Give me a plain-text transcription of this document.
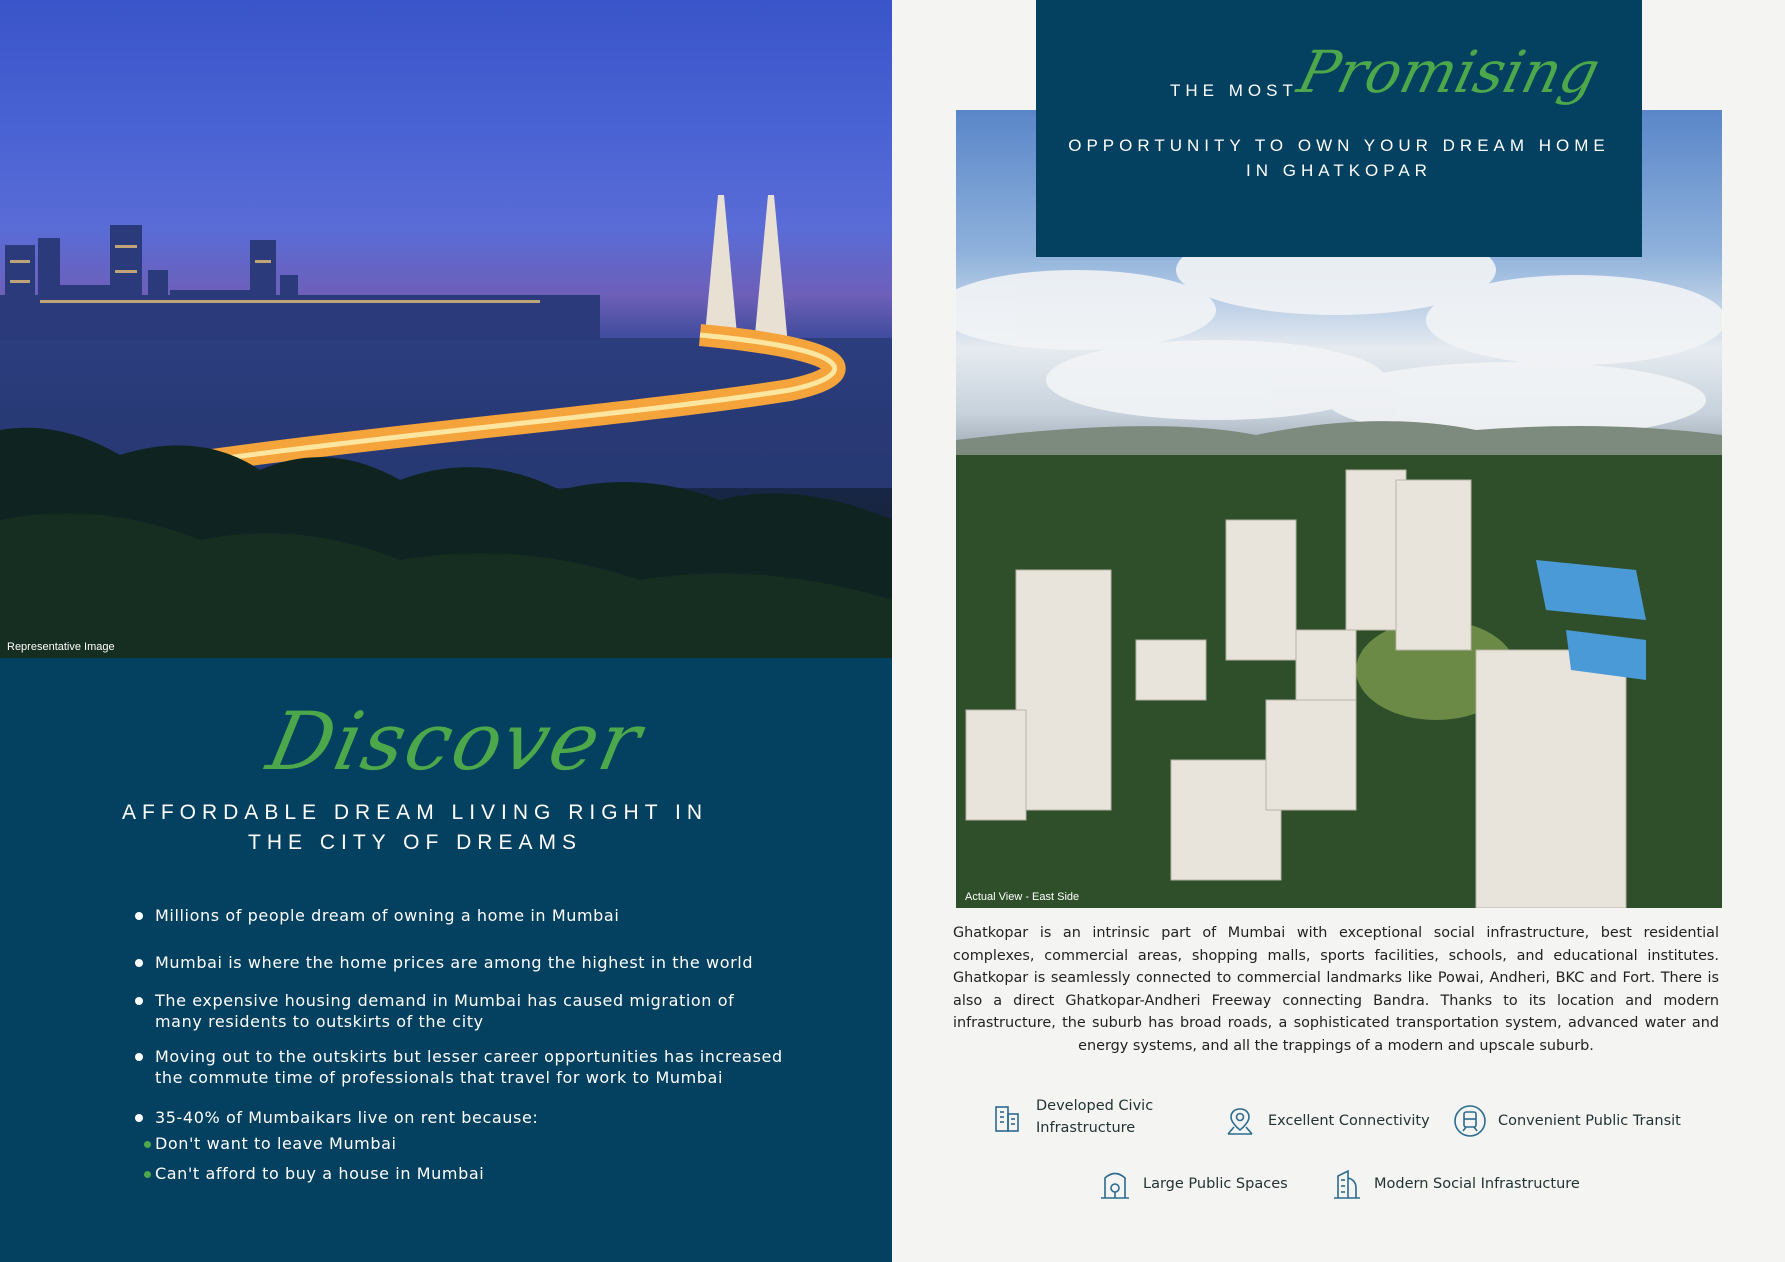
Representative Image
Discover
AFFORDABLE DREAM LIVING RIGHT IN
THE CITY OF DREAMS
Millions of people dream of owning a home in Mumbai
Mumbai is where the home prices are among the highest in the world
The expensive housing demand in Mumbai has caused migration of many residents to outskirts of the city
Moving out to the outskirts but lesser career opportunities has increased the commute time of professionals that travel for work to Mumbai
35-40% of Mumbaikars live on rent because:
Don't want to leave Mumbai
Can't afford to buy a house in Mumbai
Actual View - East Side
THE MOST
Promising
OPPORTUNITY TO OWN YOUR DREAM HOME
IN GHATKOPAR
Ghatkopar is an intrinsic part of Mumbai with exceptional social infrastructure, best residential complexes, commercial areas, shopping malls, sports facilities, schools, and educational institutes. Ghatkopar is seamlessly connected to commercial landmarks like Powai, Andheri, BKC and Fort. There is also a direct Ghatkopar-Andheri Freeway connecting Bandra. Thanks to its location and modern infrastructure, the suburb has broad roads, a sophisticated transportation system, advanced water and energy systems, and all the trappings of a modern and upscale suburb.
Developed Civic
Infrastructure	Excellent Connectivity	Convenient Public Transit
Large Public Spaces	Modern Social Infrastructure
